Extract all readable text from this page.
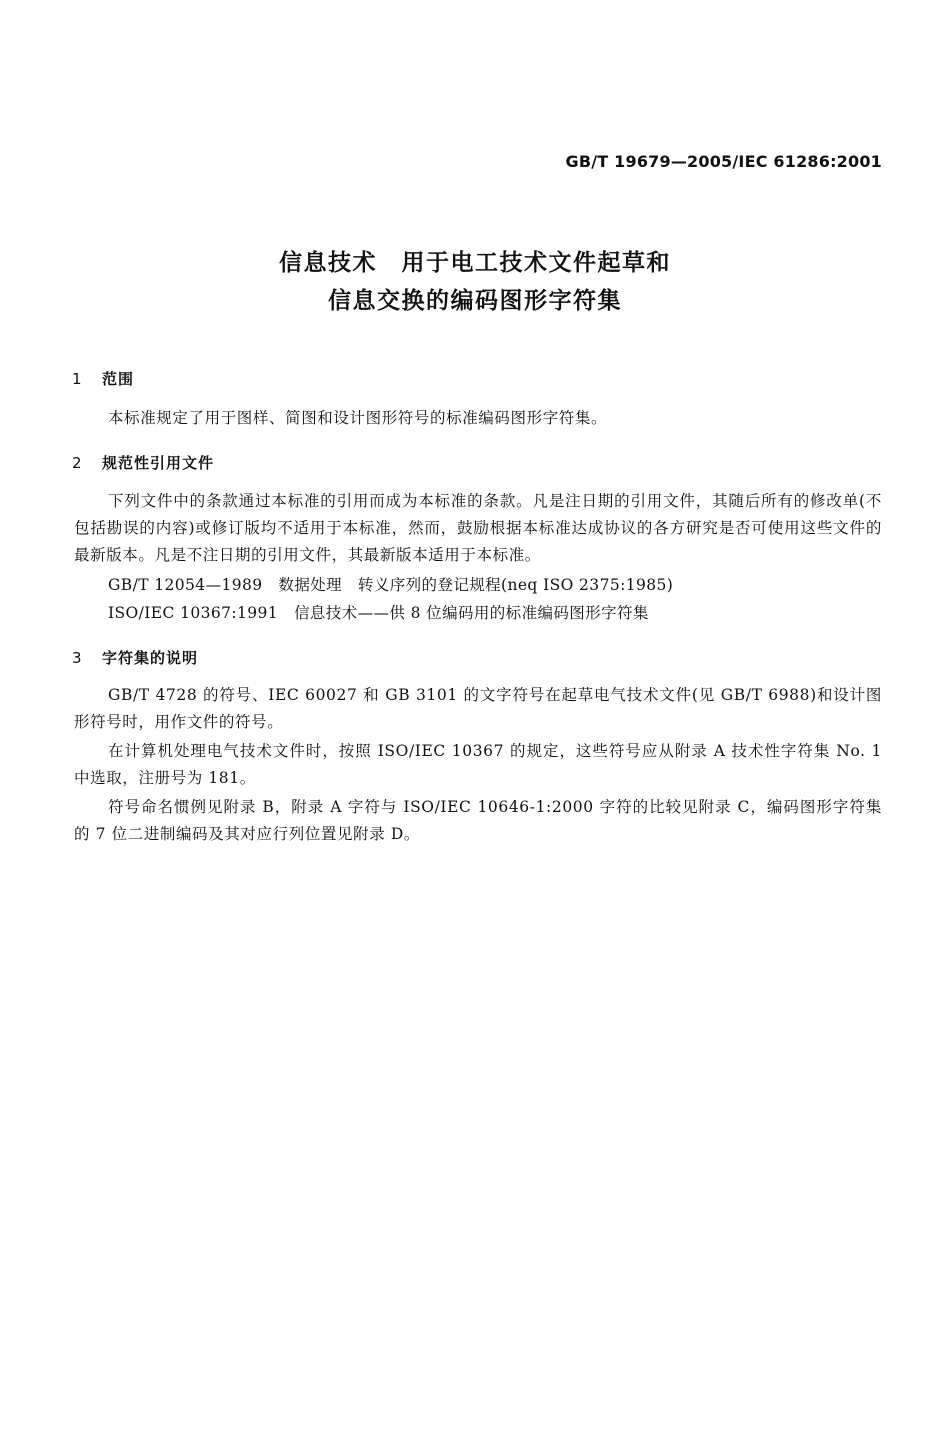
GB/T 19679—2005/IEC 61286:2001
信息技术　用于电工技术文件起草和
信息交换的编码图形字符集
1 范围

本标准规定了用于图样、简图和设计图形符号的标准编码图形字符集。

2 规范性引用文件

下列文件中的条款通过本标准的引用而成为本标准的条款。凡是注日期的引用文件，其随后所有的修改单(不包括勘误的内容)或修订版均不适用于本标准，然而，鼓励根据本标准达成协议的各方研究是否可使用这些文件的最新版本。凡是不注日期的引用文件，其最新版本适用于本标准。

GB/T 12054—1989　数据处理　转义序列的登记规程(neq ISO 2375:1985)
ISO/IEC 10367:1991　信息技术——供 8 位编码用的标准编码图形字符集
3 字符集的说明

GB/T 4728 的符号、IEC 60027 和 GB 3101 的文字符号在起草电气技术文件(见 GB/T 6988)和设计图形符号时，用作文件的符号。

在计算机处理电气技术文件时，按照 ISO/IEC 10367 的规定，这些符号应从附录 A 技术性字符集 No. 1 中选取，注册号为 181。

符号命名惯例见附录 B，附录 A 字符与 ISO/IEC 10646-1:2000 字符的比较见附录 C，编码图形字符集的 7 位二进制编码及其对应行列位置见附录 D。
